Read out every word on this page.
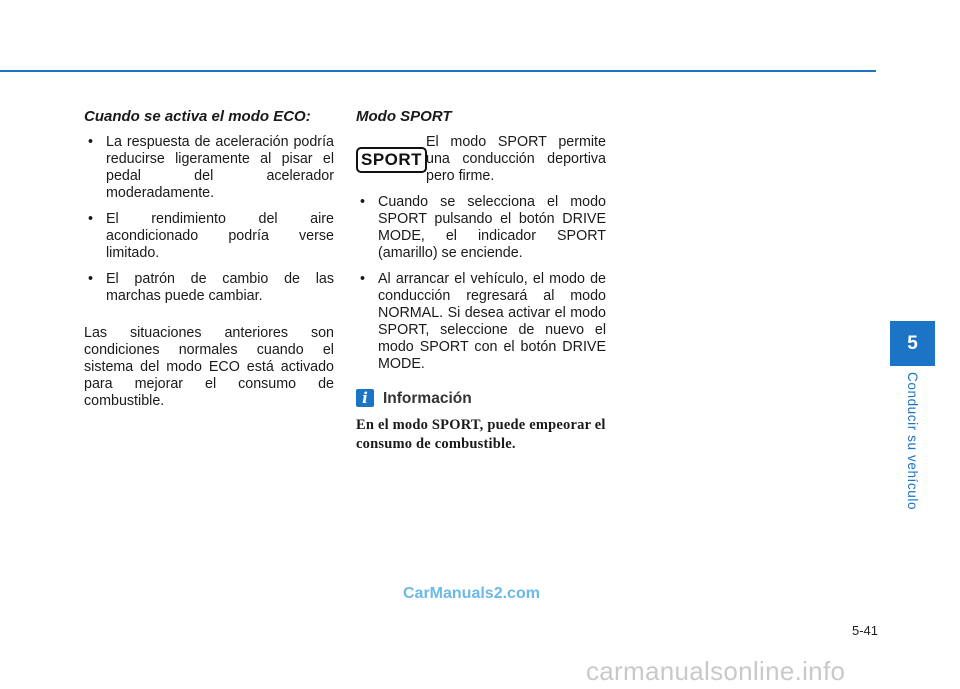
Cuando se activa el modo ECO:
• La respuesta de aceleración podría reducirse ligeramente al pisar el pedal del acelerador moderadamente.
• El rendimiento del aire acondicionado podría verse limitado.
• El patrón de cambio de las marchas puede cambiar.

Las situaciones anteriores son condiciones normales cuando el sistema del modo ECO está activado para mejorar el consumo de combustible.

Modo SPORT
SPORT
El modo SPORT permite una conducción deportiva pero firme.
• Cuando se selecciona el modo SPORT pulsando el botón DRIVE MODE, el indicador SPORT (amarillo) se enciende.
• Al arrancar el vehículo, el modo de conducción regresará al modo NORMAL. Si desea activar el modo SPORT, seleccione de nuevo el modo SPORT con el botón DRIVE MODE.
i Información
En el modo SPORT, puede empeorar el consumo de combustible.
5
Conducir su vehículo
CarManuals2.com
5-41
carmanualsonline.info
